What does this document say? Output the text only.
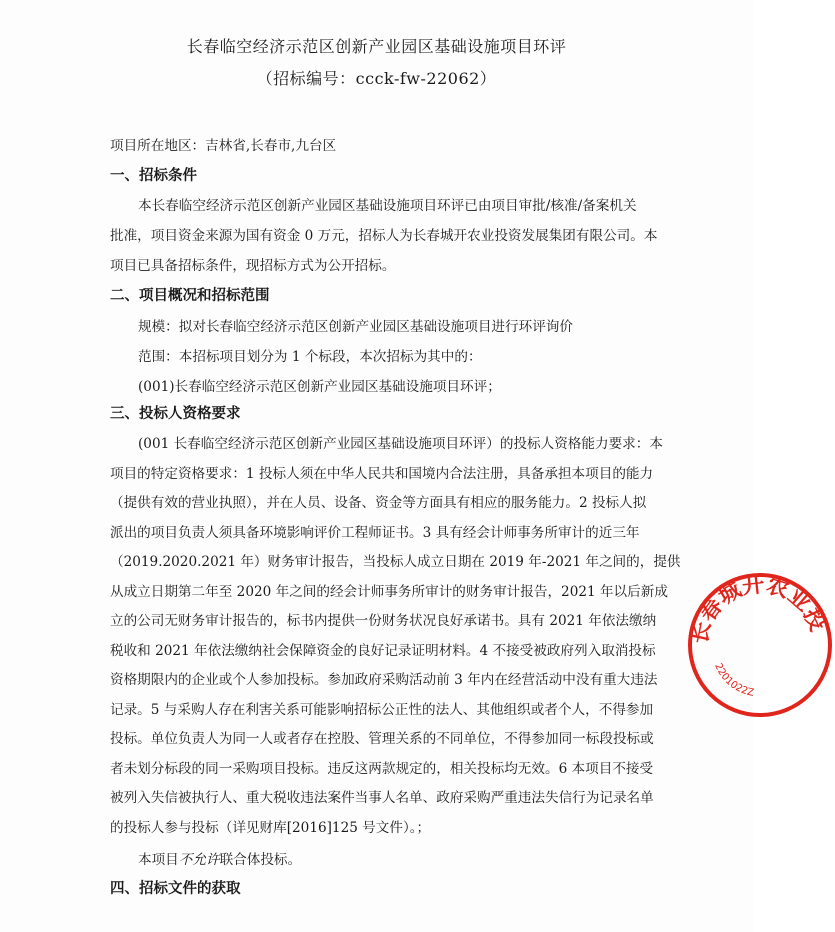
长春临空经济示范区创新产业园区基础设施项目环评
（招标编号：ccck-fw-22062）
项目所在地区：吉林省,长春市,九台区
一、招标条件
本长春临空经济示范区创新产业园区基础设施项目环评已由项目审批/核准/备案机关
批准，项目资金来源为国有资金 0 万元，招标人为长春城开农业投资发展集团有限公司。本
项目已具备招标条件，现招标方式为公开招标。
二、项目概况和招标范围
规模：拟对长春临空经济示范区创新产业园区基础设施项目进行环评询价
范围：本招标项目划分为 1 个标段，本次招标为其中的：
(001)长春临空经济示范区创新产业园区基础设施项目环评；
三、投标人资格要求
(001 长春临空经济示范区创新产业园区基础设施项目环评）的投标人资格能力要求：本
项目的特定资格要求：1 投标人须在中华人民共和国境内合法注册，具备承担本项目的能力
（提供有效的营业执照），并在人员、设备、资金等方面具有相应的服务能力。2 投标人拟
派出的项目负责人须具备环境影响评价工程师证书。3 具有经会计师事务所审计的近三年
（2019.2020.2021 年）财务审计报告，当投标人成立日期在 2019 年-2021 年之间的，提供
从成立日期第二年至 2020 年之间的经会计师事务所审计的财务审计报告，2021 年以后新成
立的公司无财务审计报告的，标书内提供一份财务状况良好承诺书。具有 2021 年依法缴纳
税收和 2021 年依法缴纳社会保障资金的良好记录证明材料。4 不接受被政府列入取消投标
资格期限内的企业或个人参加投标。参加政府采购活动前 3 年内在经营活动中没有重大违法
记录。5 与采购人存在利害关系可能影响招标公正性的法人、其他组织或者个人，不得参加
投标。单位负责人为同一人或者存在控股、管理关系的不同单位，不得参加同一标段投标或
者未划分标段的同一采购项目投标。违反这两款规定的，相关投标均无效。6 本项目不接受
被列入失信被执行人、重大税收违法案件当事人名单、政府采购严重违法失信行为记录名单
的投标人参与投标（详见财库[2016]125 号文件）。；
本项目不允许联合体投标。
四、招标文件的获取
长春城开农业投
2201022Z
